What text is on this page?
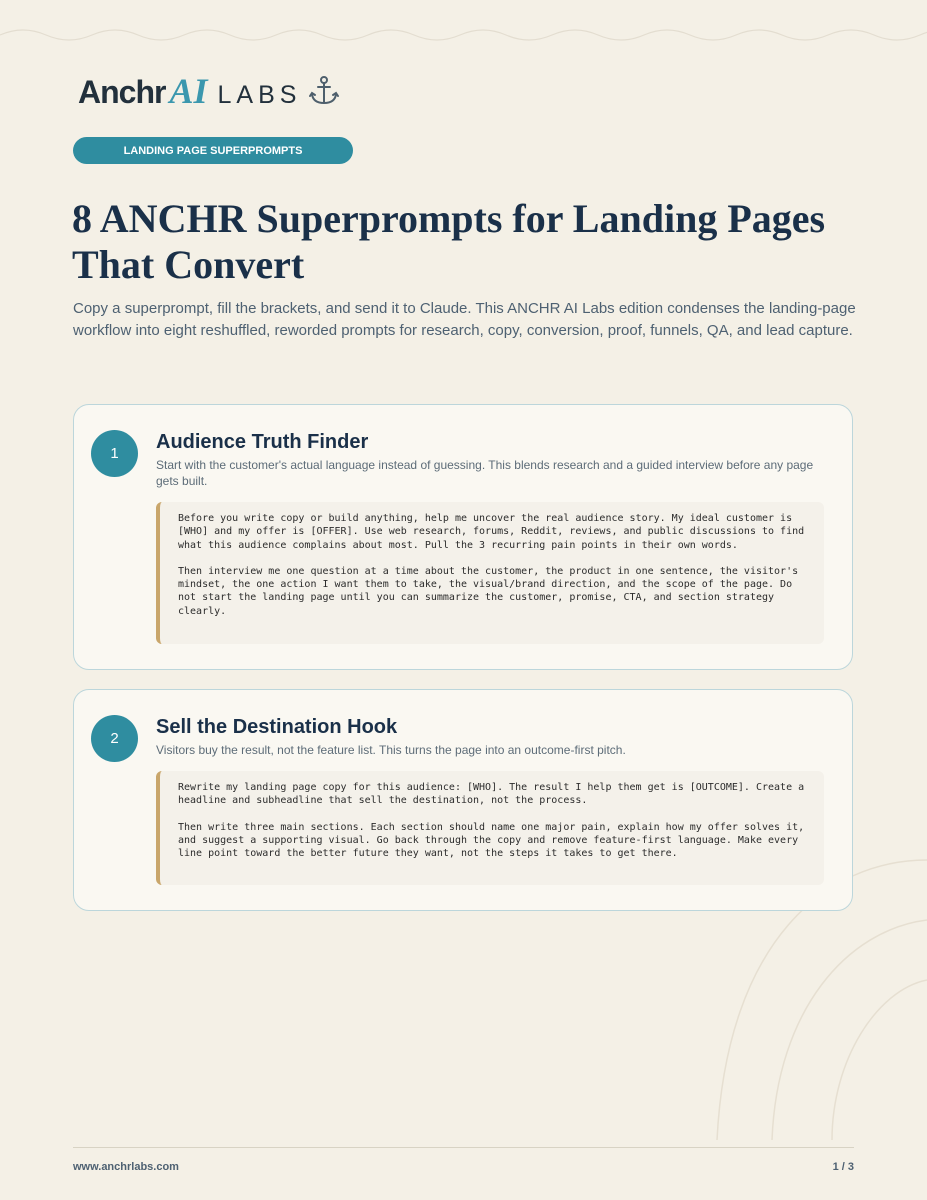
Anchr AI LABS
LANDING PAGE SUPERPROMPTS
8 ANCHR Superprompts for Landing Pages That Convert

Copy a superprompt, fill the brackets, and send it to Claude. This ANCHR AI Labs edition condenses the landing-page workflow into eight reshuffled, reworded prompts for research, copy, conversion, proof, funnels, QA, and lead capture.

1
Audience Truth Finder

Start with the customer's actual language instead of guessing. This blends research and a guided interview before any page gets built.

Before you write copy or build anything, help me uncover the real audience story. My ideal customer is [WHO] and my offer is [OFFER]. Use web research, forums, Reddit, reviews, and public discussions to find what this audience complains about most. Pull the 3 recurring pain points in their own words.

Then interview me one question at a time about the customer, the product in one sentence, the visitor's mindset, the one action I want them to take, the visual/brand direction, and the scope of the page. Do not start the landing page until you can summarize the customer, promise, CTA, and section strategy clearly.

2
Sell the Destination Hook

Visitors buy the result, not the feature list. This turns the page into an outcome-first pitch.

Rewrite my landing page copy for this audience: [WHO]. The result I help them get is [OUTCOME]. Create a headline and subheadline that sell the destination, not the process.

Then write three main sections. Each section should name one major pain, explain how my offer solves it, and suggest a supporting visual. Go back through the copy and remove feature-first language. Make every line point toward the better future they want, not the steps it takes to get there.

www.anchrlabs.com	1 / 3
